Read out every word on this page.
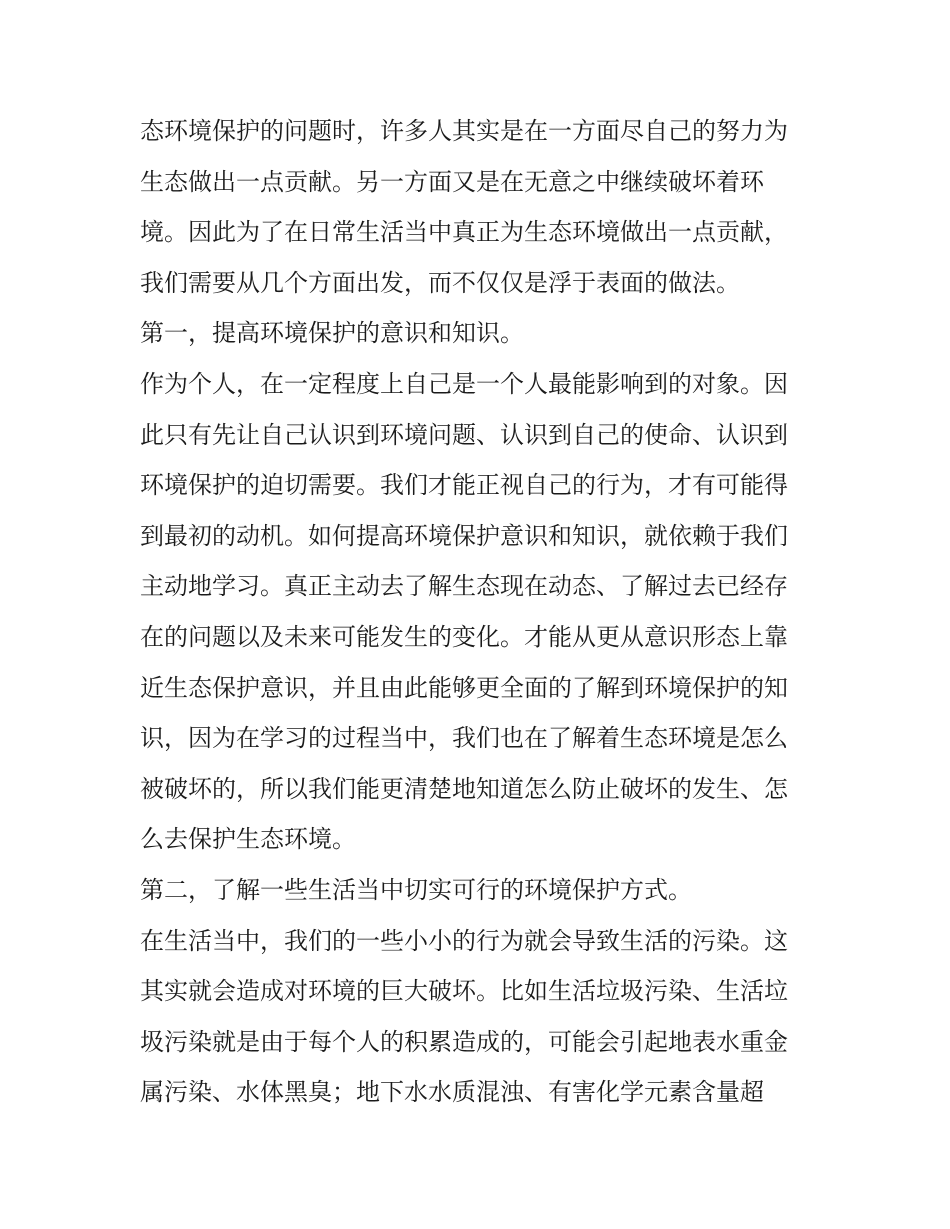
态环境保护的问题时，许多人其实是在一方面尽自己的努力为
生态做出一点贡献。另一方面又是在无意之中继续破坏着环
境。因此为了在日常生活当中真正为生态环境做出一点贡献，
我们需要从几个方面出发，而不仅仅是浮于表面的做法。
第一，提高环境保护的意识和知识。
作为个人，在一定程度上自己是一个人最能影响到的对象。因
此只有先让自己认识到环境问题、认识到自己的使命、认识到
环境保护的迫切需要。我们才能正视自己的行为，才有可能得
到最初的动机。如何提高环境保护意识和知识，就依赖于我们
主动地学习。真正主动去了解生态现在动态、了解过去已经存
在的问题以及未来可能发生的变化。才能从更从意识形态上靠
近生态保护意识，并且由此能够更全面的了解到环境保护的知
识，因为在学习的过程当中，我们也在了解着生态环境是怎么
被破坏的，所以我们能更清楚地知道怎么防止破坏的发生、怎
么去保护生态环境。
第二，了解一些生活当中切实可行的环境保护方式。
在生活当中，我们的一些小小的行为就会导致生活的污染。这
其实就会造成对环境的巨大破坏。比如生活垃圾污染、生活垃
圾污染就是由于每个人的积累造成的，可能会引起地表水重金
属污染、水体黑臭；地下水水质混浊、有害化学元素含量超
